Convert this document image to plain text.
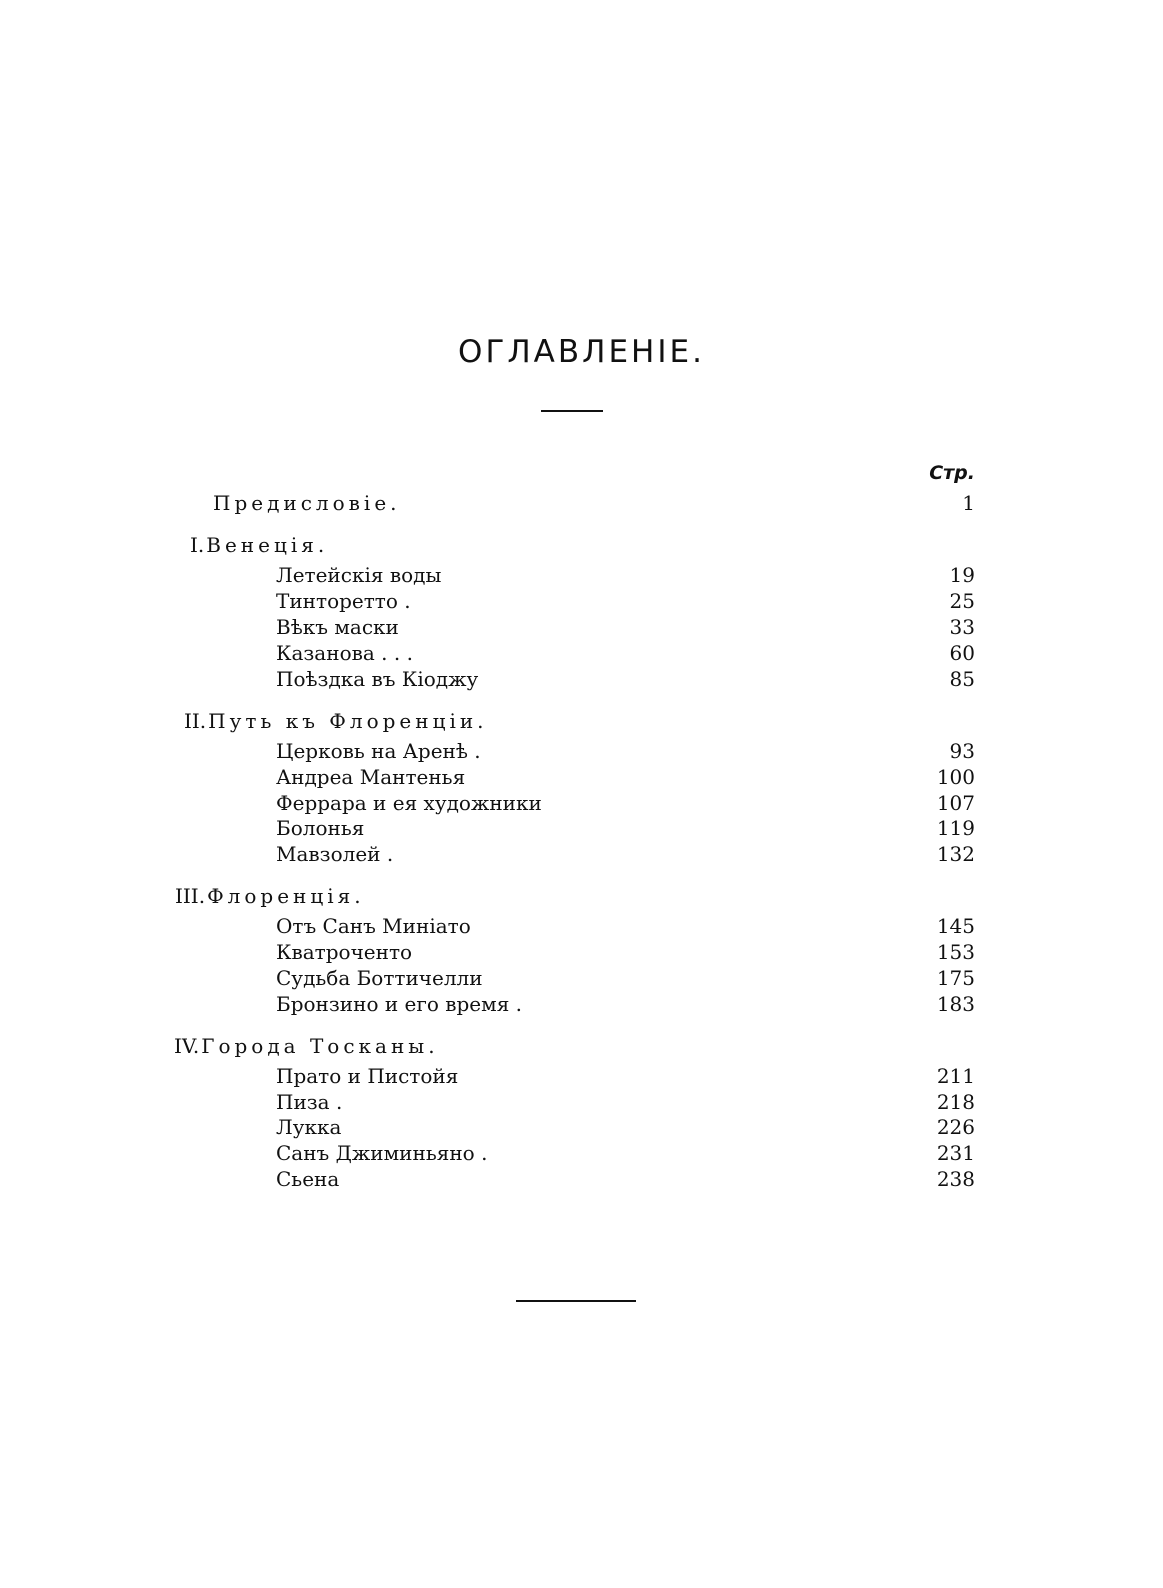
ОГЛАВЛЕНІЕ.
Стр.
Предисловіе.	1
I. Венеція.
Летейскія воды	19
Тинторетто .	25
Вѣкъ маски	33
Казанова . . .	60
Поѣздка въ Кіоджу	85
II. Путь къ Флоренціи.
Церковь на Аренѣ .	93
Андреа Мантенья	100
Феррара и ея художники	107
Болонья	119
Мавзолей .	132
III. Флоренція.
Отъ Санъ Миніато	145
Кватроченто	153
Судьба Боттичелли	175
Бронзино и его время .	183
IV. Города Тосканы.
Прато и Пистойя	211
Пиза .	218
Лукка	226
Санъ Джиминьяно .	231
Сьена	238
